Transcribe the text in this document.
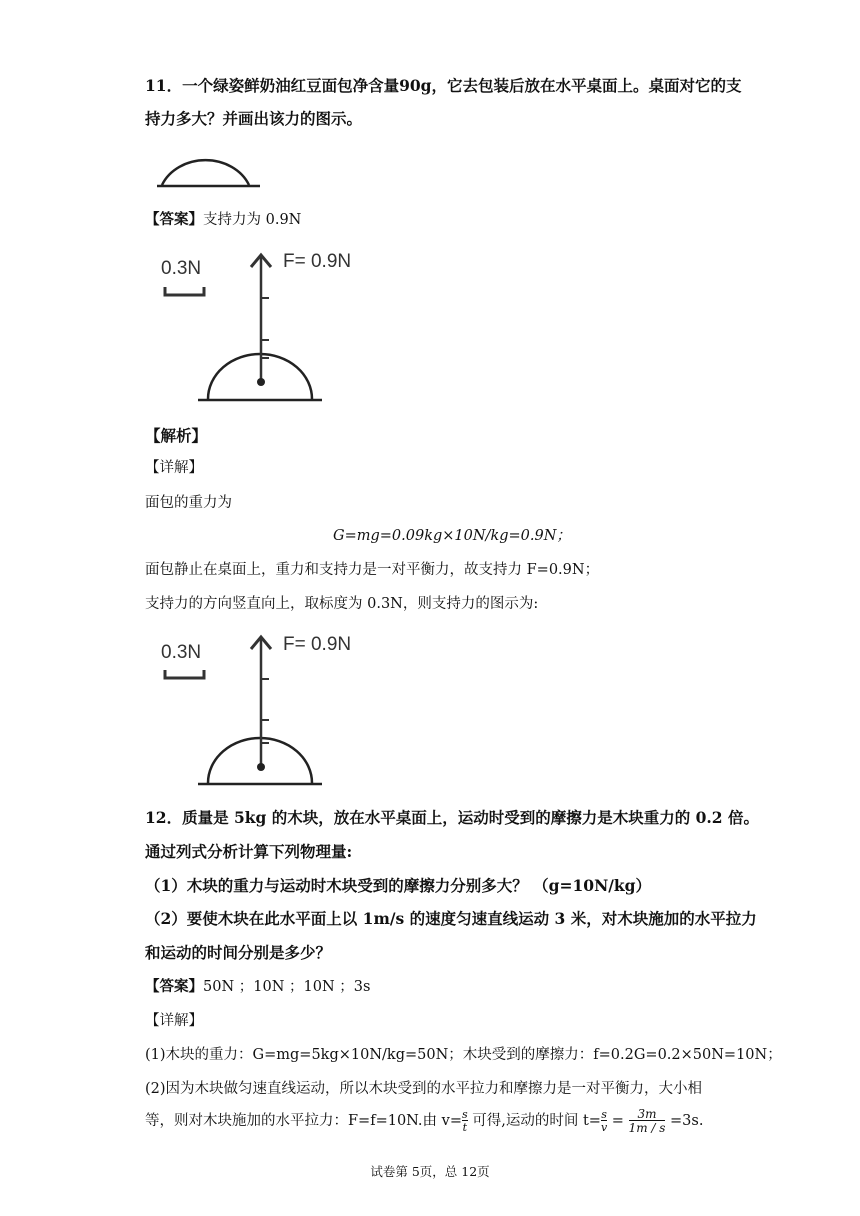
11．一个绿姿鲜奶油红豆面包净含量90g，它去包装后放在水平桌面上。桌面对它的支
持力多大？并画出该力的图示。
【答案】支持力为 0.9N
0.3N	F= 0.9N
【解析】
【详解】
面包的重力为
G=mg=0.09kg×10N/kg=0.9N；
面包静止在桌面上，重力和支持力是一对平衡力，故支持力 F=0.9N；
支持力的方向竖直向上，取标度为 0.3N，则支持力的图示为:
0.3N	F= 0.9N
12．质量是 5kg 的木块，放在水平桌面上，运动时受到的摩擦力是木块重力的 0.2 倍。
通过列式分析计算下列物理量:
（1）木块的重力与运动时木块受到的摩擦力分别多大？ （g=10N/kg）
（2）要使木块在此水平面上以 1m/s 的速度匀速直线运动 3 米，对木块施加的水平拉力
和运动的时间分别是多少？
【答案】50N ；10N ；10N ；3s
【详解】
(1)木块的重力：G=mg=5kg×10N/kg=50N；木块受到的摩擦力：f=0.2G=0.2×50N=10N；
(2)因为木块做匀速直线运动，所以木块受到的水平拉力和摩擦力是一对平衡力，大小相
等，则对木块施加的水平拉力：F=f=10N.由 $v= \frac{s}{t}$ 可得,运动的时间 $t= \frac{s}{v} = \frac{3m}{1m / s} =3s$.
试卷第 5页，总 12页
